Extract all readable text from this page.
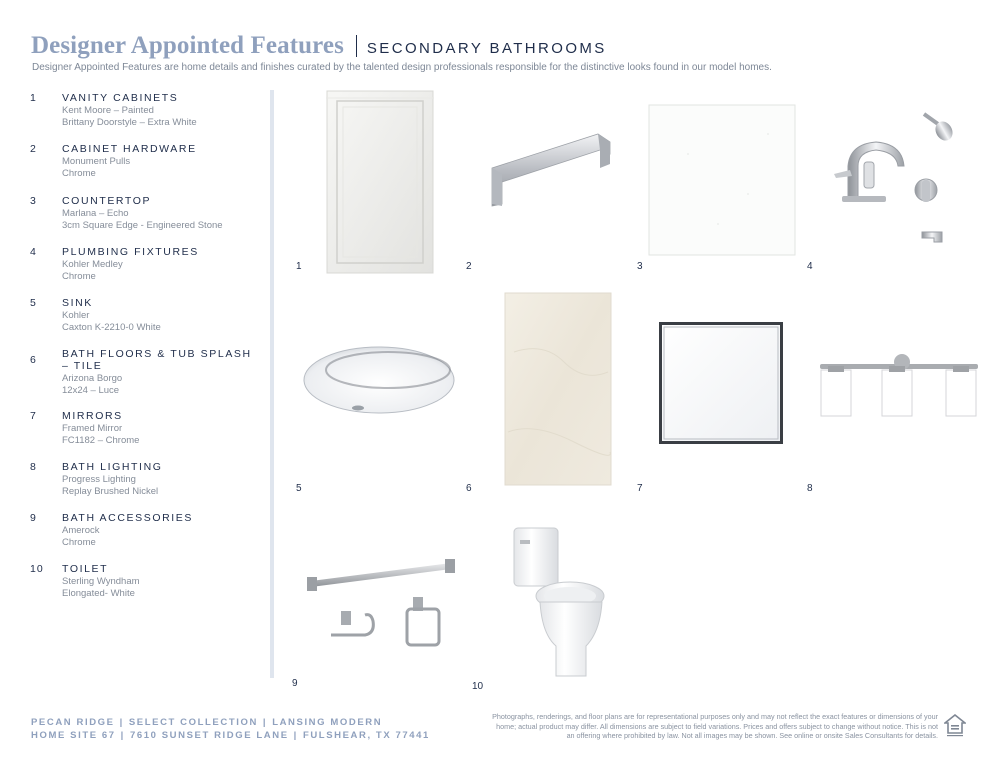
Designer Appointed Features SECONDARY BATHROOMS
Designer Appointed Features are home details and finishes curated by the talented design professionals responsible for the distinctive looks found in our model homes.
1	VANITY CABINETS
Kent Moore – Painted
Brittany Doorstyle – Extra White
2	CABINET HARDWARE
Monument Pulls
Chrome
3	COUNTERTOP
Marlana – Echo
3cm Square Edge - Engineered Stone
4	PLUMBING FIXTURES
Kohler Medley
Chrome
5	SINK
Kohler
Caxton K-2210-0 White
6	BATH FLOORS & TUB SPLASH – TILE
Arizona Borgo
12x24 – Luce
7	MIRRORS
Framed Mirror
FC1182 – Chrome
8	BATH LIGHTING
Progress Lighting
Replay Brushed Nickel
9	BATH ACCESSORIES
Amerock
Chrome
10	TOILET
Sterling Wyndham
Elongated- White
1	2	3	4
5	6	7	8
9	10
PECAN RIDGE | SELECT COLLECTION | LANSING MODERN
HOME SITE 67 | 7610 SUNSET RIDGE LANE | FULSHEAR, TX 77441
Photographs, renderings, and floor plans are for representational purposes only and may not reflect the exact features or dimensions of your home; actual product may differ. All dimensions are subject to field variations. Prices and offers subject to change without notice. This is not an offering where prohibited by law. Not all images may be shown. See online or onsite Sales Consultants for details.
